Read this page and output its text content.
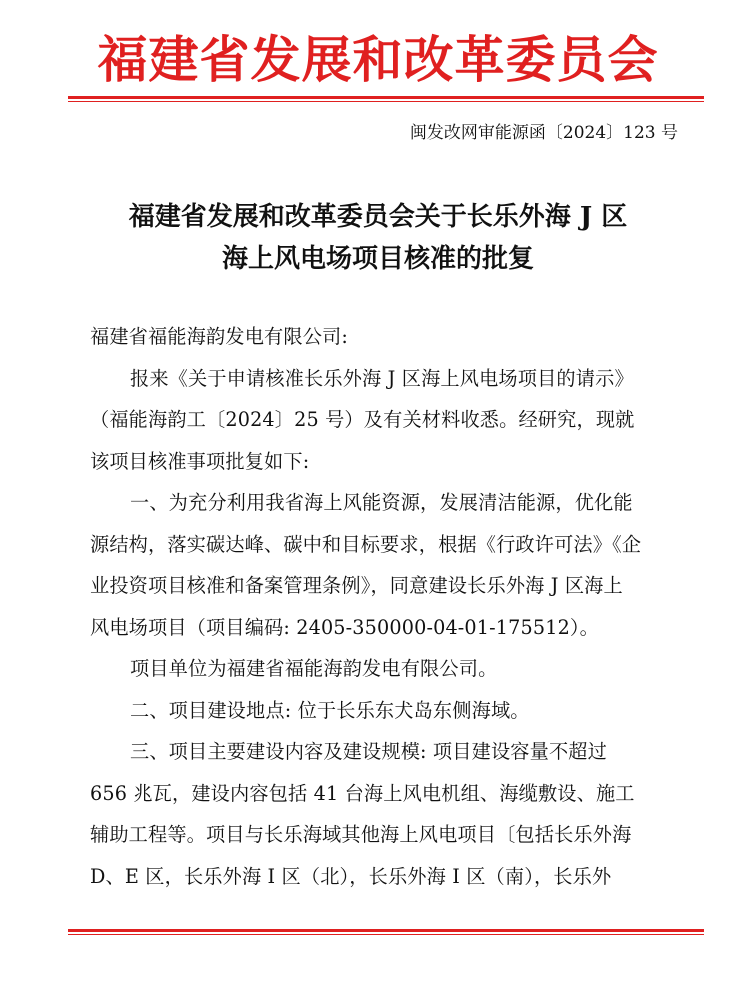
福建省发展和改革委员会
闽发改网审能源函〔2024〕123 号
福建省发展和改革委员会关于长乐外海 J 区
海上风电场项目核准的批复
福建省福能海韵发电有限公司:
报来《关于申请核准长乐外海 J 区海上风电场项目的请示》
（福能海韵工〔2024〕25 号）及有关材料收悉。经研究，现就
该项目核准事项批复如下:
一、为充分利用我省海上风能资源，发展清洁能源，优化能
源结构，落实碳达峰、碳中和目标要求，根据《行政许可法》《企
业投资项目核准和备案管理条例》，同意建设长乐外海 J 区海上
风电场项目（项目编码: 2405-350000-04-01-175512）。
项目单位为福建省福能海韵发电有限公司。
二、项目建设地点: 位于长乐东犬岛东侧海域。
三、项目主要建设内容及建设规模: 项目建设容量不超过
656 兆瓦，建设内容包括 41 台海上风电机组、海缆敷设、施工
辅助工程等。项目与长乐海域其他海上风电项目〔包括长乐外海
D、E 区，长乐外海 I 区（北），长乐外海 I 区（南），长乐外
